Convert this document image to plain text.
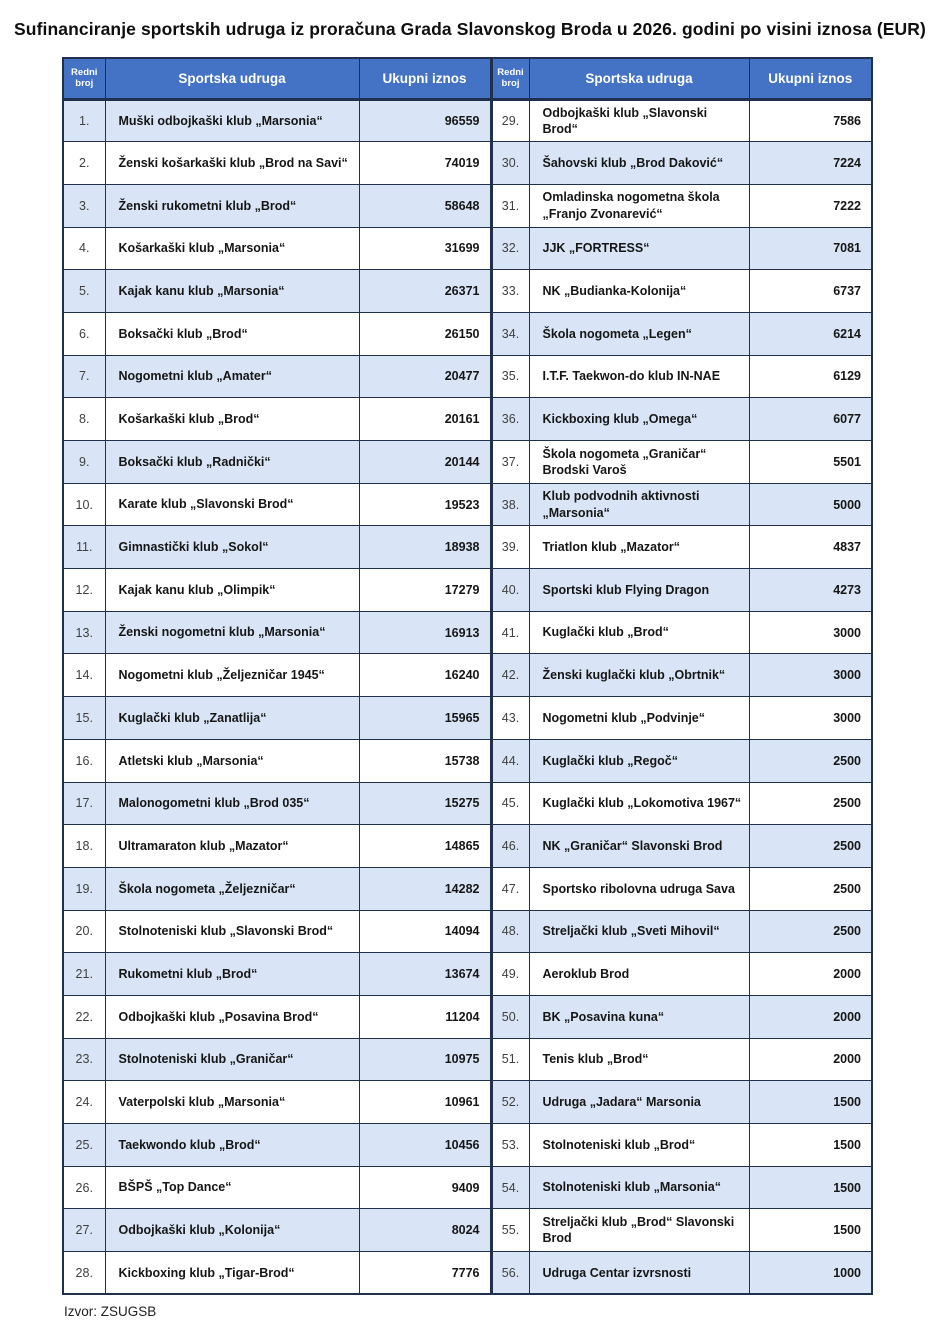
Sufinanciranje sportskih udruga iz proračuna Grada Slavonskog Broda u 2026. godini po visini iznosa (EUR)
Redni broj	Sportska udruga	Ukupni iznos	Redni broj	Sportska udruga	Ukupni iznos
1.	Muški odbojkaški klub „Marsonia“	96559	29.	Odbojkaški klub „Slavonski Brod“	7586
2.	Ženski košarkaški klub „Brod na Savi“	74019	30.	Šahovski klub „Brod Daković“	7224
3.	Ženski rukometni klub „Brod“	58648	31.	Omladinska nogometna škola „Franjo Zvonarević“	7222
4.	Košarkaški klub „Marsonia“	31699	32.	JJK „FORTRESS“	7081
5.	Kajak kanu klub „Marsonia“	26371	33.	NK „Budianka-Kolonija“	6737
6.	Boksački klub „Brod“	26150	34.	Škola nogometa „Legen“	6214
7.	Nogometni klub „Amater“	20477	35.	I.T.F. Taekwon-do klub IN-NAE	6129
8.	Košarkaški klub „Brod“	20161	36.	Kickboxing klub „Omega“	6077
9.	Boksački klub „Radnički“	20144	37.	Škola nogometa „Graničar“ Brodski Varoš	5501
10.	Karate klub „Slavonski Brod“	19523	38.	Klub podvodnih aktivnosti „Marsonia“	5000
11.	Gimnastički klub „Sokol“	18938	39.	Triatlon klub „Mazator“	4837
12.	Kajak kanu klub „Olimpik“	17279	40.	Sportski klub Flying Dragon	4273
13.	Ženski nogometni klub „Marsonia“	16913	41.	Kuglački klub „Brod“	3000
14.	Nogometni klub „Željezničar 1945“	16240	42.	Ženski kuglački klub „Obrtnik“	3000
15.	Kuglački klub „Zanatlija“	15965	43.	Nogometni klub „Podvinje“	3000
16.	Atletski klub „Marsonia“	15738	44.	Kuglački klub „Regoč“	2500
17.	Malonogometni klub „Brod 035“	15275	45.	Kuglački klub „Lokomotiva 1967“	2500
18.	Ultramaraton klub „Mazator“	14865	46.	NK „Graničar“ Slavonski Brod	2500
19.	Škola nogometa „Željezničar“	14282	47.	Sportsko ribolovna udruga Sava	2500
20.	Stolnoteniski klub „Slavonski Brod“	14094	48.	Streljački klub „Sveti Mihovil“	2500
21.	Rukometni klub „Brod“	13674	49.	Aeroklub Brod	2000
22.	Odbojkaški klub „Posavina Brod“	11204	50.	BK „Posavina kuna“	2000
23.	Stolnoteniski klub „Graničar“	10975	51.	Tenis klub „Brod“	2000
24.	Vaterpolski klub „Marsonia“	10961	52.	Udruga „Jadara“ Marsonia	1500
25.	Taekwondo klub „Brod“	10456	53.	Stolnoteniski klub „Brod“	1500
26.	BŠPŠ „Top Dance“	9409	54.	Stolnoteniski klub „Marsonia“	1500
27.	Odbojkaški klub „Kolonija“	8024	55.	Streljački klub „Brod“ Slavonski Brod	1500
28.	Kickboxing klub „Tigar-Brod“	7776	56.	Udruga Centar izvrsnosti	1000
Izvor: ZSUGSB
